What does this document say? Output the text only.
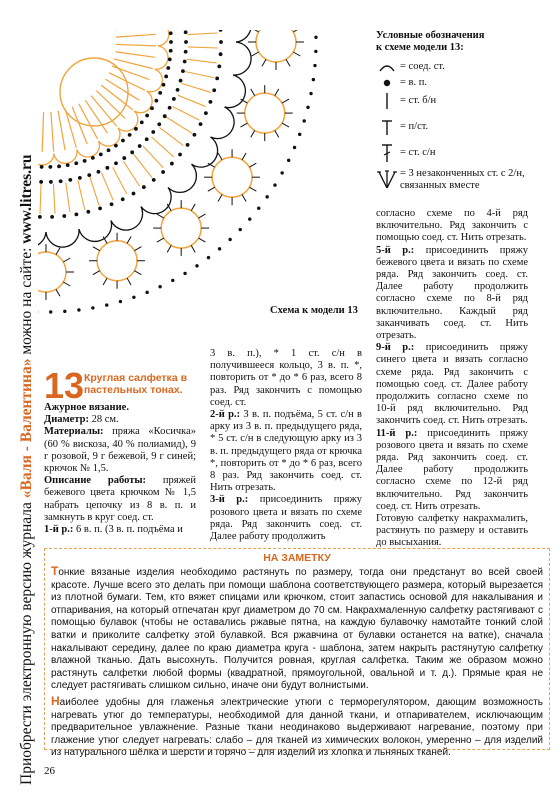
Приобрести электронную версию журнала «Валя - Валентина» можно на сайте: www.litres.ru
Схема к модели 13
Условные обозначения
к схеме модели 13:
= соед. ст.
= в. п.
= ст. б/н
= п/ст.
= ст. с/н
= 3 незаконченных ст. с 2/н, связанных вместе
13 Круглая салфетка в пастельных тонах.

Ажурное вязание.

Диаметр: 28 см.

Материалы: пряжа «Косичка» (60 % вискоза, 40 % полиамид), 9 г розовой, 9 г бежевой, 9 г синей; крючок № 1,5.

Описание работы: пряжей бежевого цвета крючком № 1,5 набрать цепочку из 8 в. п. и замкнуть в круг соед. ст.

1-й р.: 6 в. п. (3 в. п. подъёма и

3 в. п.), * 1 ст. с/н в получившееся кольцо, 3 в. п. *, повторить от * до * 6 раз, всего 8 раз. Ряд закончить с помощью соед. ст.

2-й р.: 3 в. п. подъёма, 5 ст. с/н в арку из 3 в. п. предыдущего ряда, * 5 ст. с/н в следующую арку из 3 в. п. предыдущего ряда от крючка *, повторить от * до * 6 раз, всего 8 раз. Ряд закончить соед. ст. Нить отрезать.

3-й р.: присоединить пряжу розового цвета и вязать по схеме ряда. Ряд закончить соед. ст. Далее работу продолжить

согласно схеме по 4-й ряд включительно. Ряд закончить с помощью соед. ст. Нить отрезать.

5-й р.: присоединить пряжу бежевого цвета и вязать по схеме ряда. Ряд закончить соед. ст. Далее работу продолжить согласно схеме по 8-й ряд включительно. Каждый ряд заканчивать соед. ст. Нить отрезать.

9-й р.: присоединить пряжу синего цвета и вязать согласно схеме ряда. Ряд закончить с помощью соед. ст. Далее работу продолжить согласно схеме по 10-й ряд включительно. Ряд закончить соед. ст. Нить отрезать.

11-й р.: присоединить пряжу розового цвета и вязать по схеме ряда. Ряд закончить соед. ст. Далее работу продолжить согласно схеме по 12-й ряд включительно. Ряд закончить соед. ст. Нить отрезать.

Готовую салфетку накрахмалить, растянуть по размеру и оставить до высыхания.

НА ЗАМЕТКУ

Тонкие вязаные изделия необходимо растянуть по размеру, тогда они предстанут во всей своей красоте. Лучше всего это делать при помощи шаблона соответствующего размера, который вырезается из плотной бумаги. Тем, кто вяжет спицами или крючком, стоит запастись основой для накалывания и отпаривания, на который отпечатан круг диаметром до 70 см. Накрахмаленную салфетку растягивают с помощью булавок (чтобы не оставались ржавые пятна, на каждую булавочку намотайте тонкий слой ватки и приколите салфетку этой булавкой. Вся ржавчина от булавки останется на ватке), сначала накалывают середину, далее по краю диаметра круга - шаблона, затем накрыть растянутую салфетку влажной тканью. Дать высохнуть. Получится ровная, круглая салфетка. Таким же образом можно растянуть салфетки любой формы (квадратной, прямоугольной, овальной и т. д.). Прямые края не следует растягивать слишком сильно, иначе они будут волнистыми.

Наиболее удобны для глаженья электрические утюги с терморегулятором, дающим возможность нагревать утюг до температуры, необходимой для данной ткани, и отпаривателем, исключающим предварительное увлажнение. Разные ткани неодинаково выдерживают нагревание, поэтому при глажение утюг следует нагревать: слабо – для тканей из химических волокон, умеренно – для изделий из натурального шёлка и шерсти и горячо – для изделий из хлопка и льняных тканей.

26
